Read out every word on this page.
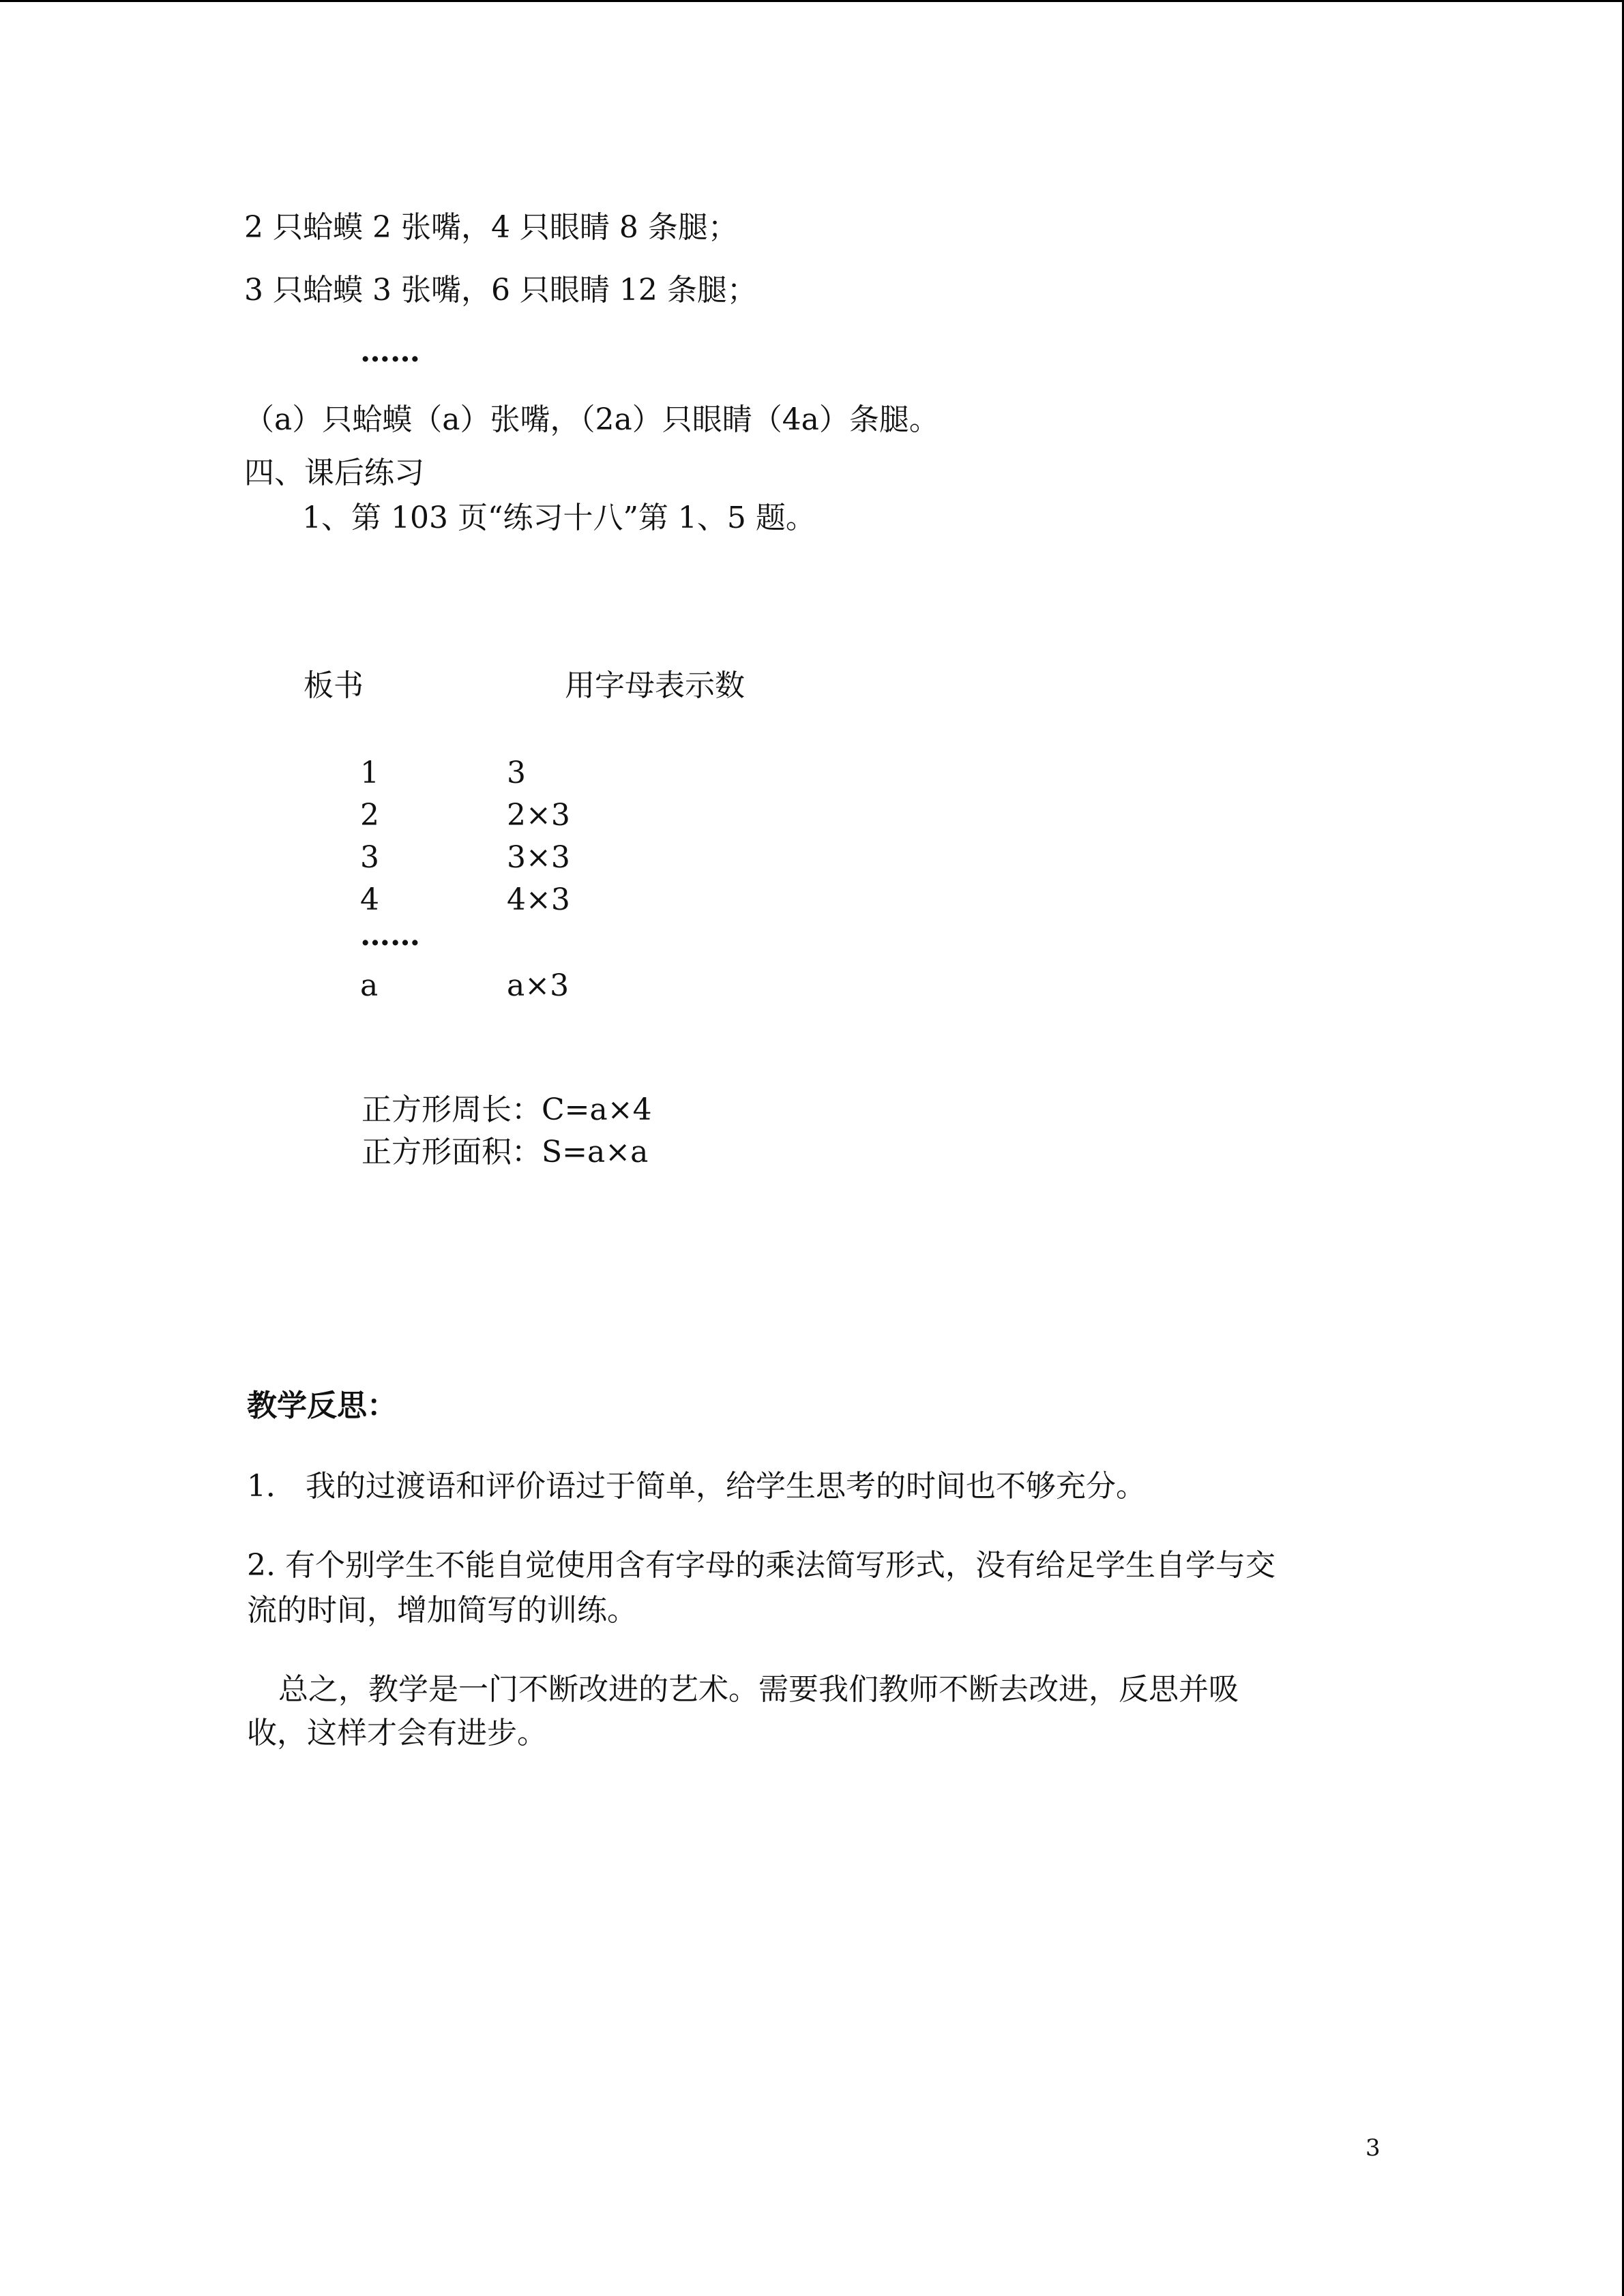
2 只蛤蟆 2 张嘴，4 只眼睛 8 条腿；
3 只蛤蟆 3 张嘴，6 只眼睛 12 条腿；
……
（a）只蛤蟆（a）张嘴，（2a）只眼睛（4a）条腿。
四、课后练习
1、第 103 页“练习十八”第 1、5 题。
板书	用字母表示数
1	3
2	2×3
3	3×3
4	4×3
……
a	a×3
正方形周长：C=a×4
正方形面积：S=a×a
教学反思：
1． 我的过渡语和评价语过于简单，给学生思考的时间也不够充分。
2. 有个别学生不能自觉使用含有字母的乘法简写形式，没有给足学生自学与交
流的时间，增加简写的训练。
总之，教学是一门不断改进的艺术。需要我们教师不断去改进，反思并吸
收，这样才会有进步。
3
